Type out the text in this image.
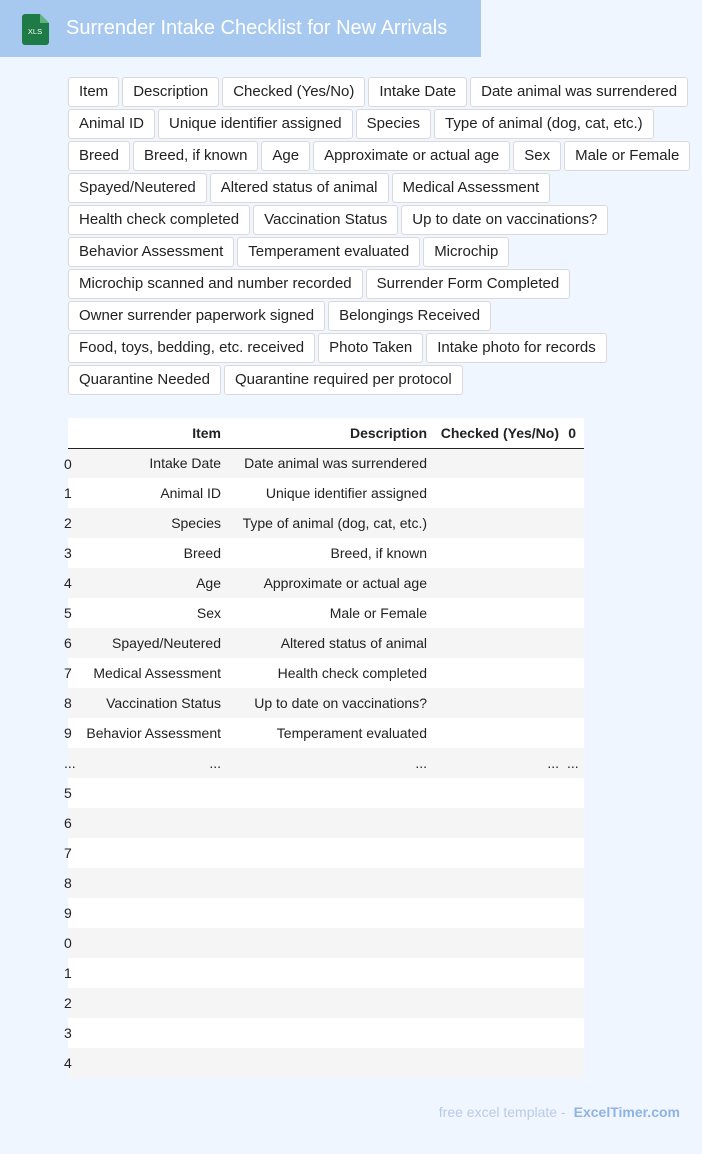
XLS Surrender Intake Checklist for New Arrivals
Item	Description	Checked (Yes/No)	Intake Date	Date animal was surrendered
Animal ID	Unique identifier assigned	Species	Type of animal (dog, cat, etc.)
Breed	Breed, if known	Age	Approximate or actual age	Sex	Male or Female
Spayed/Neutered	Altered status of animal	Medical Assessment
Health check completed	Vaccination Status	Up to date on vaccinations?
Behavior Assessment	Temperament evaluated	Microchip
Microchip scanned and number recorded	Surrender Form Completed
Owner surrender paperwork signed	Belongings Received
Food, toys, bedding, etc. received	Photo Taken	Intake photo for records
Quarantine Needed	Quarantine required per protocol
	Item	Description	Checked (Yes/No)	0

0	Intake Date	Date animal was surrendered		

1	Animal ID	Unique identifier assigned		

2	Species	Type of animal (dog, cat, etc.)		

3	Breed	Breed, if known		

4	Age	Approximate or actual age		

5	Sex	Male or Female		

6	Spayed/Neutered	Altered status of animal		

7	Medical Assessment	Health check completed		

8	Vaccination Status	Up to date on vaccinations?		

9	Behavior Assessment	Temperament evaluated		

...	...	...	...	...

5				

6				

7				

8				

9				

0				

1				

2				

3				

4				

free excel template - ExcelTimer.com
